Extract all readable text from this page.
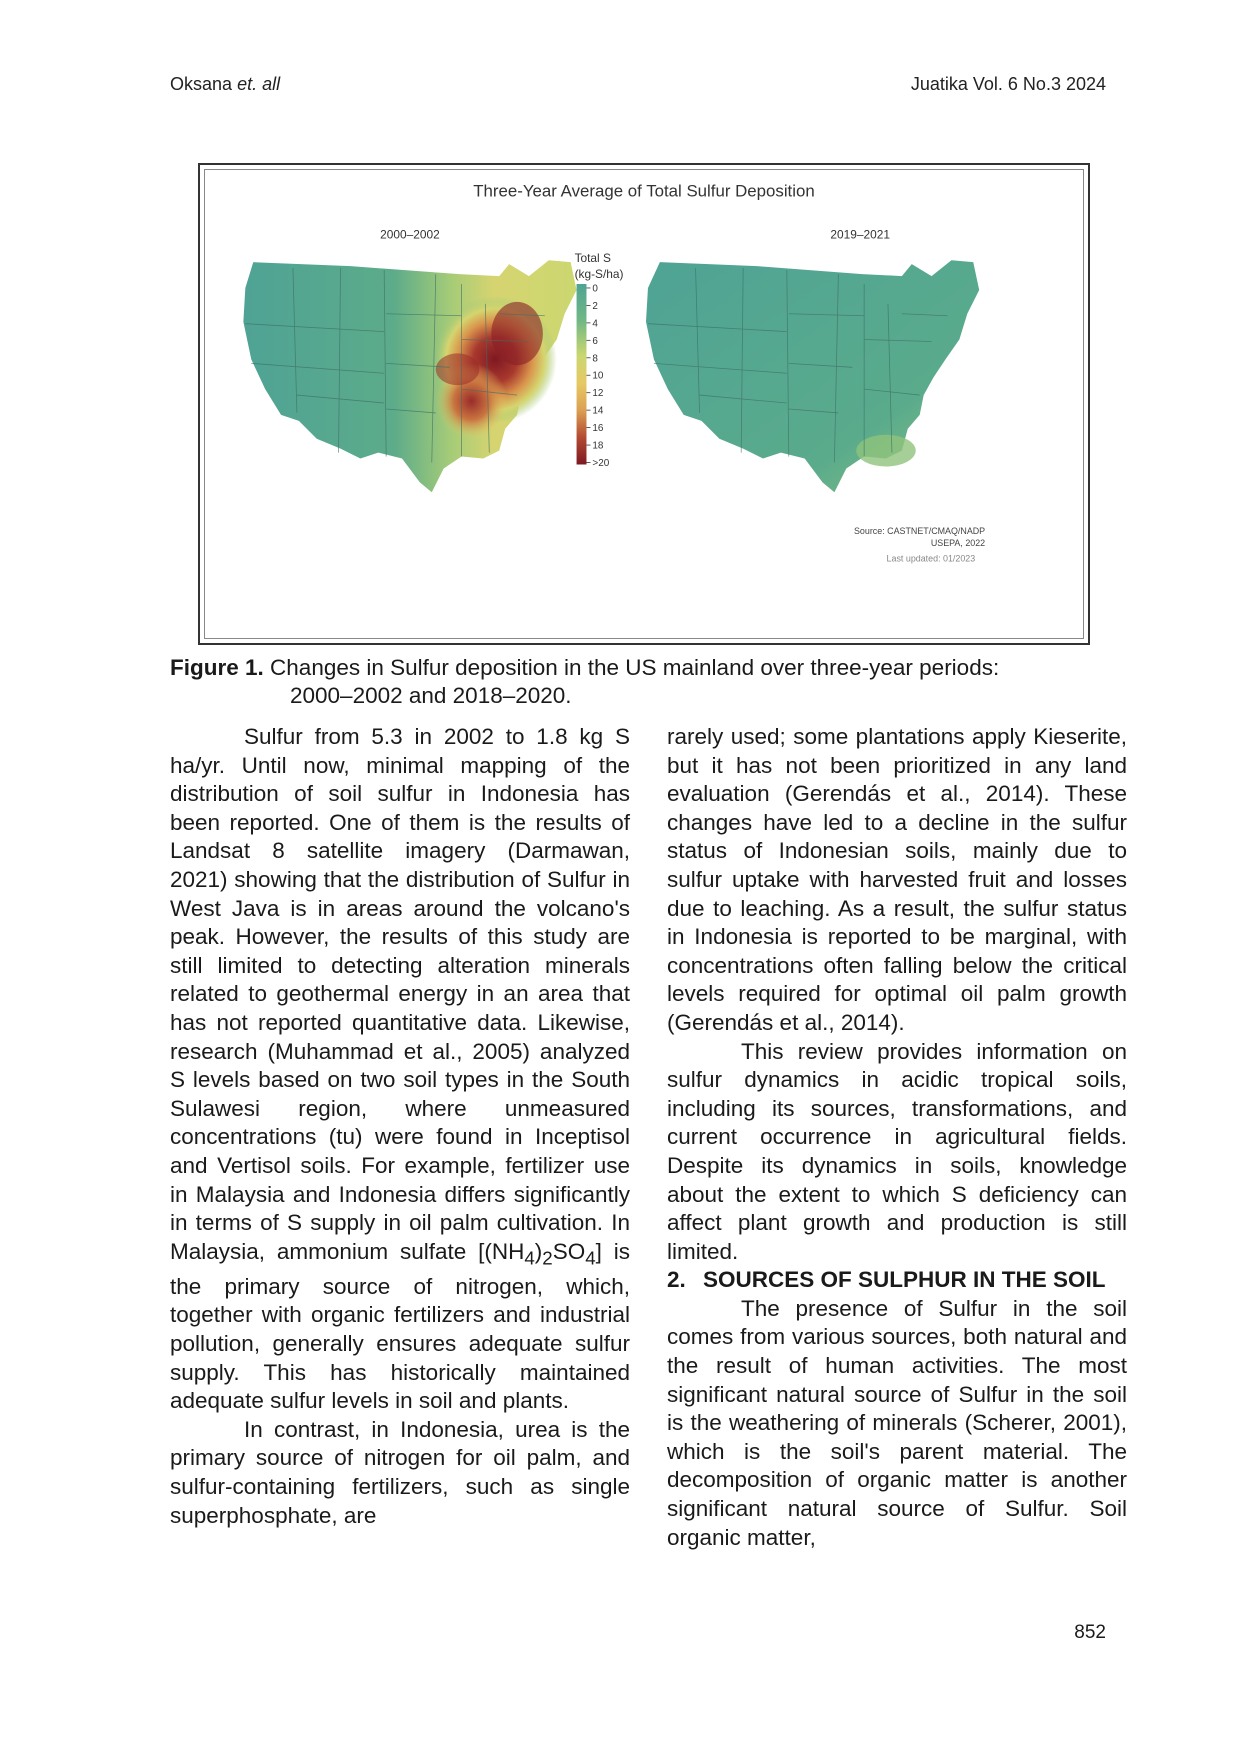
Oksana et. all	Juatika Vol. 6 No.3 2024
Three-Year Average of Total Sulfur Deposition
2000–2002	2019–2021
Total S
(kg-S/ha)
0
2
4
6
8
10
12
14
16
18
>20
Source: CASTNET/CMAQ/NADP
USEPA, 2022
Last updated: 01/2023
Figure 1. Changes in Sulfur deposition in the US mainland over three-year periods:
2000–2002 and 2018–2020.

Sulfur from 5.3 in 2002 to 1.8 kg S ha/yr. Until now, minimal mapping of the distribution of soil sulfur in Indonesia has been reported. One of them is the results of Landsat 8 satellite imagery (Darmawan, 2021) showing that the distribution of Sulfur in West Java is in areas around the volcano's peak. However, the results of this study are still limited to detecting alteration minerals related to geothermal energy in an area that has not reported quantitative data. Likewise, research (Muhammad et al., 2005) analyzed S levels based on two soil types in the South Sulawesi region, where unmeasured concentrations (tu) were found in Inceptisol and Vertisol soils. For example, fertilizer use in Malaysia and Indonesia differs significantly in terms of S supply in oil palm cultivation. In Malaysia, ammonium sulfate $[(NH_4)_2SO_4]$ is the primary source of nitrogen, which, together with organic fertilizers and industrial pollution, generally ensures adequate sulfur supply. This has historically maintained adequate sulfur levels in soil and plants.

In contrast, in Indonesia, urea is the primary source of nitrogen for oil palm, and sulfur-containing fertilizers, such as single superphosphate, are

rarely used; some plantations apply Kieserite, but it has not been prioritized in any land evaluation (Gerendás et al., 2014). These changes have led to a decline in the sulfur status of Indonesian soils, mainly due to sulfur uptake with harvested fruit and losses due to leaching. As a result, the sulfur status in Indonesia is reported to be marginal, with concentrations often falling below the critical levels required for optimal oil palm growth (Gerendás et al., 2014).

This review provides information on sulfur dynamics in acidic tropical soils, including its sources, transformations, and current occurrence in agricultural fields. Despite its dynamics in soils, knowledge about the extent to which S deficiency can affect plant growth and production is still limited.

2. SOURCES OF SULPHUR IN THE SOIL

The presence of Sulfur in the soil comes from various sources, both natural and the result of human activities. The most significant natural source of Sulfur in the soil is the weathering of minerals (Scherer, 2001), which is the soil's parent material. The decomposition of organic matter is another significant natural source of Sulfur. Soil organic matter,

852
